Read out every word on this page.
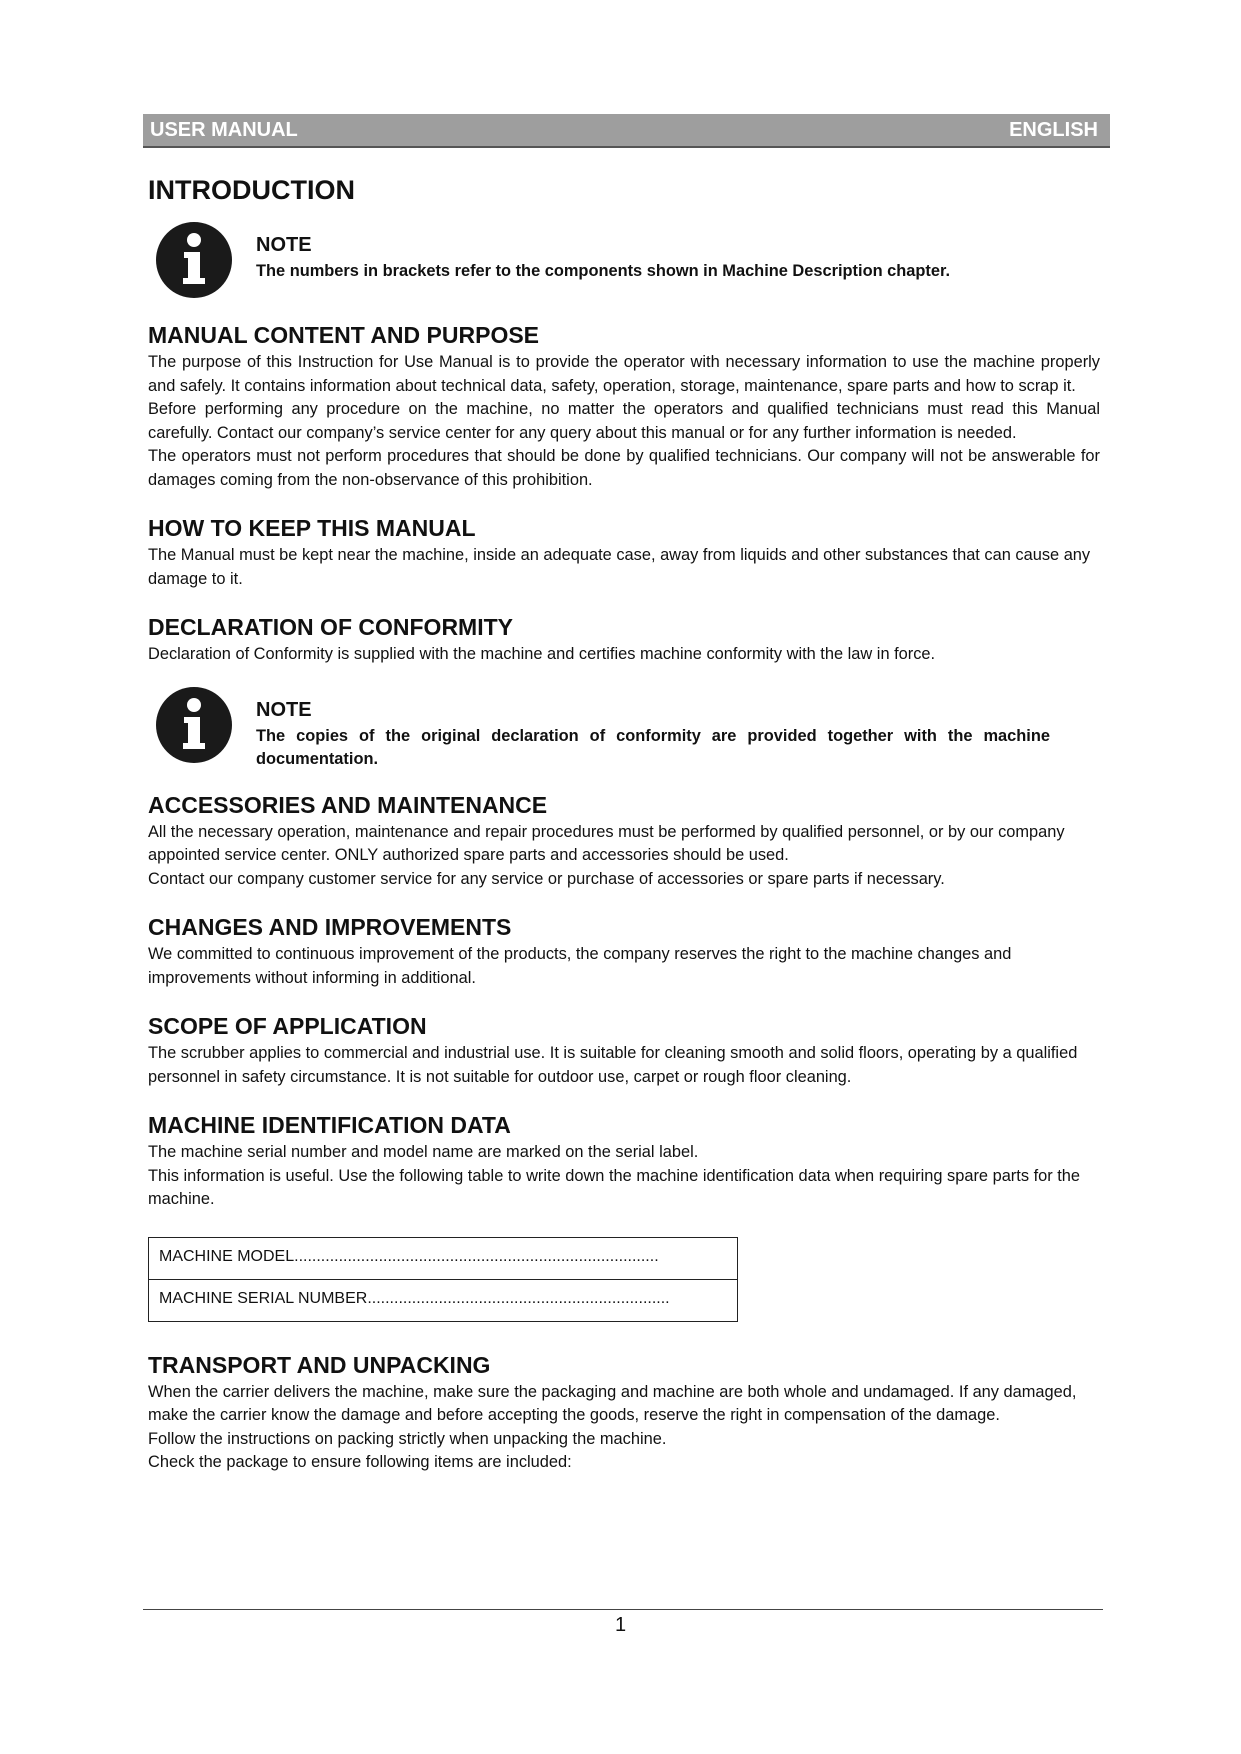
USER MANUAL	ENGLISH
INTRODUCTION
NOTE
The numbers in brackets refer to the components shown in Machine Description chapter.
MANUAL CONTENT AND PURPOSE

The purpose of this Instruction for Use Manual is to provide the operator with necessary information to use the machine properly and safely. It contains information about technical data, safety, operation, storage, maintenance, spare parts and how to scrap it.

Before performing any procedure on the machine, no matter the operators and qualified technicians must read this Manual carefully. Contact our company’s service center for any query about this manual or for any further information is needed.

The operators must not perform procedures that should be done by qualified technicians. Our company will not be answerable for damages coming from the non-observance of this prohibition.

HOW TO KEEP THIS MANUAL

The Manual must be kept near the machine, inside an adequate case, away from liquids and other substances that can cause any damage to it.

DECLARATION OF CONFORMITY

Declaration of Conformity is supplied with the machine and certifies machine conformity with the law in force.

NOTE
The copies of the original declaration of conformity are provided together with the machine documentation.
ACCESSORIES AND MAINTENANCE

All the necessary operation, maintenance and repair procedures must be performed by qualified personnel, or by our company appointed service center. ONLY authorized spare parts and accessories should be used.

Contact our company customer service for any service or purchase of accessories or spare parts if necessary.

CHANGES AND IMPROVEMENTS

We committed to continuous improvement of the products, the company reserves the right to the machine changes and improvements without informing in additional.

SCOPE OF APPLICATION

The scrubber applies to commercial and industrial use. It is suitable for cleaning smooth and solid floors, operating by a qualified personnel in safety circumstance. It is not suitable for outdoor use, carpet or rough floor cleaning.

MACHINE IDENTIFICATION DATA

The machine serial number and model name are marked on the serial label.

This information is useful. Use the following table to write down the machine identification data when requiring spare parts for the machine.

MACHINE MODEL..................................................................................
MACHINE SERIAL NUMBER....................................................................
TRANSPORT AND UNPACKING

When the carrier delivers the machine, make sure the packaging and machine are both whole and undamaged. If any damaged, make the carrier know the damage and before accepting the goods, reserve the right in compensation of the damage.

Follow the instructions on packing strictly when unpacking the machine.

Check the package to ensure following items are included:

1
